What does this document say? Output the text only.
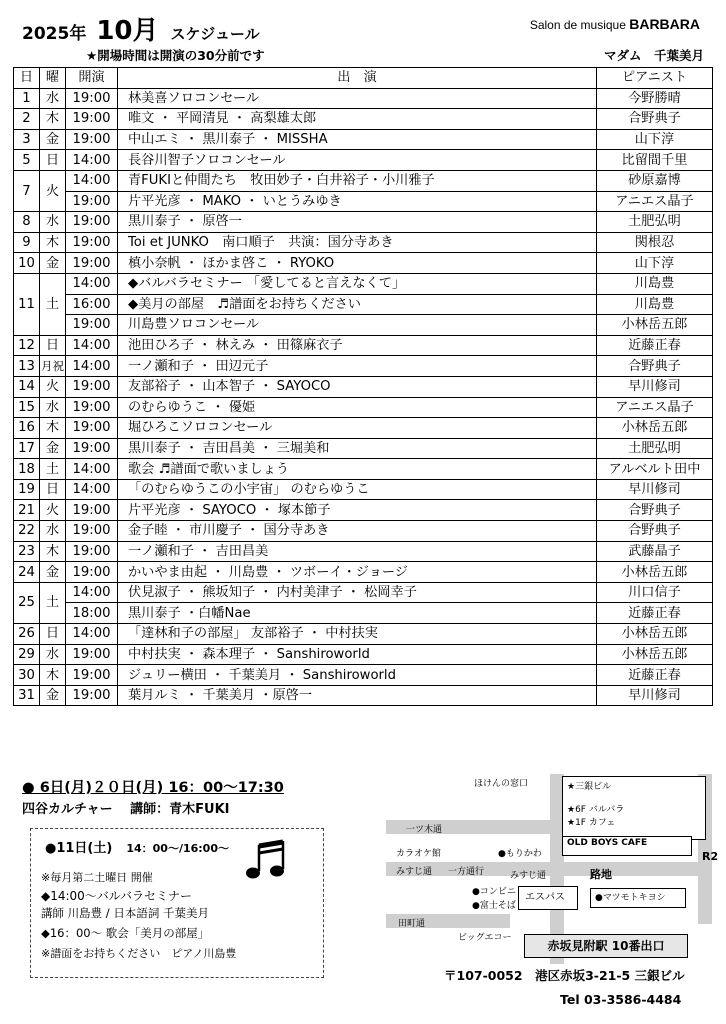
2025年 10月 スケジュール	Salon de musique BARBARA
★開場時間は開演の30分前です	マダム　千葉美月
日	曜	開演	出　演	ピアニスト
1	水	19:00	林美喜ソロコンセール	今野勝晴
2	木	19:00	唯文 ・ 平岡清見 ・ 高梨雄太郎	合野典子
3	金	19:00	中山エミ ・ 黒川泰子 ・ MISSHA	山下淳
5	日	14:00	長谷川智子ソロコンセール	比留間千里
7	火	14:00	青FUKIと仲間たち　牧田妙子・白井裕子・小川雅子	砂原嘉博
		19:00	片平光彦 ・ MAKO ・ いとうみゆき	アニエス晶子
8	水	19:00	黒川泰子 ・ 原啓一	土肥弘明
9	木	19:00	Toi et JUNKO　南口順子　共演：国分寺あき	関根忍
10	金	19:00	槙小奈帆 ・ ほかま啓こ ・ RYOKO	山下淳
11	土	14:00	◆バルバラセミナー 「愛してると言えなくて」	川島豊
		16:00	◆美月の部屋　♬譜面をお持ちください	川島豊
		19:00	川島豊ソロコンセール	小林岳五郎
12	日	14:00	池田ひろ子 ・ 林えみ ・ 田篠麻衣子	近藤正春
13	月祝	14:00	一ノ瀬和子 ・ 田辺元子	合野典子
14	火	19:00	友部裕子 ・ 山本智子 ・ SAYOCO	早川修司
15	水	19:00	のむらゆうこ ・ 優姫	アニエス晶子
16	木	19:00	堀ひろこソロコンセール	小林岳五郎
17	金	19:00	黒川泰子 ・ 吉田昌美 ・ 三堀美和	土肥弘明
18	土	14:00	歌会 ♬譜面で歌いましょう	アルベルト田中
19	日	14:00	「のむらゆうこの小宇宙」 のむらゆうこ	早川修司
21	火	19:00	片平光彦 ・ SAYOCO ・ 塚本節子	合野典子
22	水	19:00	金子睦 ・ 市川慶子 ・ 国分寺あき	合野典子
23	木	19:00	一ノ瀬和子 ・ 吉田昌美	武藤晶子
24	金	19:00	かいやま由起 ・ 川島豊 ・ ツボーイ・ジョージ	小林岳五郎
25	土	14:00	伏見淑子 ・ 熊坂知子 ・ 内村美津子 ・ 松岡幸子	川口信子
		18:00	黒川泰子 ・白幡Nae	近藤正春
26	日	14:00	「達林和子の部屋」 友部裕子 ・ 中村扶実	小林岳五郎
29	水	19:00	中村扶実 ・ 森本理子 ・ Sanshiroworld	小林岳五郎
30	木	19:00	ジュリー横田 ・ 千葉美月 ・ Sanshiroworld	近藤正春
31	金	19:00	葉月ルミ ・ 千葉美月 ・原啓一	早川修司
● 6日(月)２０日(月) 16：00～17:30
四谷カルチャー　 講師：青木FUKI
●11日(土) 14：00～/16:00～
※毎月第二土曜日 開催
◆14:00～バルバラセミナー
講師 川島豊 / 日本語詞 千葉美月
◆16：00～ 歌会「美月の部屋」
※譜面をお持ちください　ピアノ川島豊
ほけんの窓口	★三銀ビル
★6F バルバラ
★1F カフェ
OLD BOYS CAFE
一ツ木通
カラオケ館	●もりかわ
みすじ通 一方通行	みすじ通	路地
●コンビニ エスパス	●マツモトキヨシ
●富士そば
田町通
ビッグエコー
赤坂見附駅 10番出口
R2
〒107-0052　港区赤坂3-21-5 三銀ビル
Tel 03-3586-4484
